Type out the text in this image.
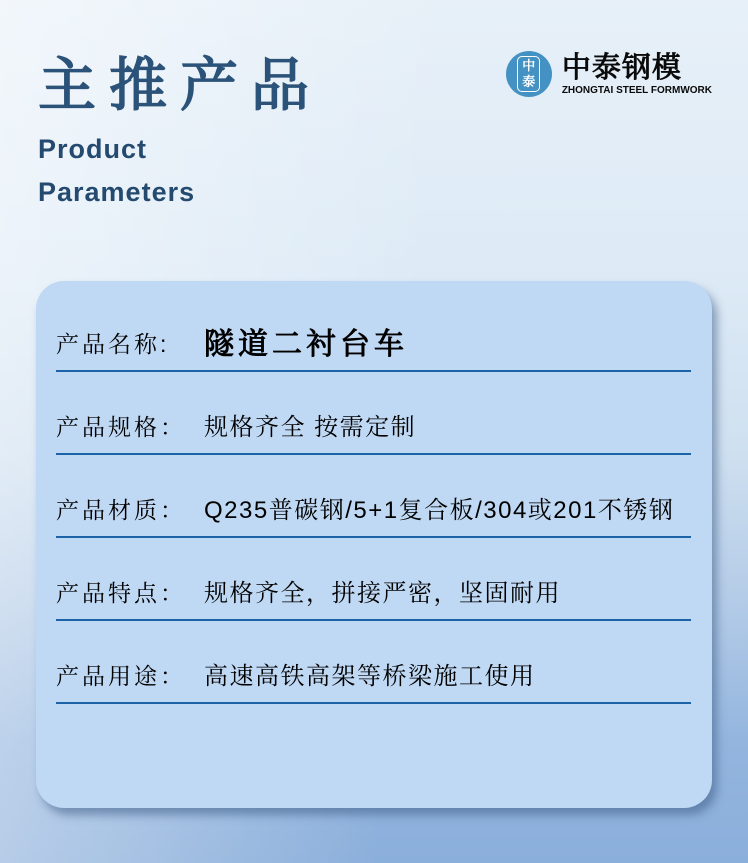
主推产品
Product
Parameters
中
泰 中泰钢模
ZHONGTAI STEEL FORMWORK
产品名称:	隧道二衬台车
产品规格： 规格齐全 按需定制
产品材质： Q235普碳钢/5+1复合板/304或201不锈钢
产品特点： 规格齐全，拼接严密，坚固耐用
产品用途： 高速高铁高架等桥梁施工使用
